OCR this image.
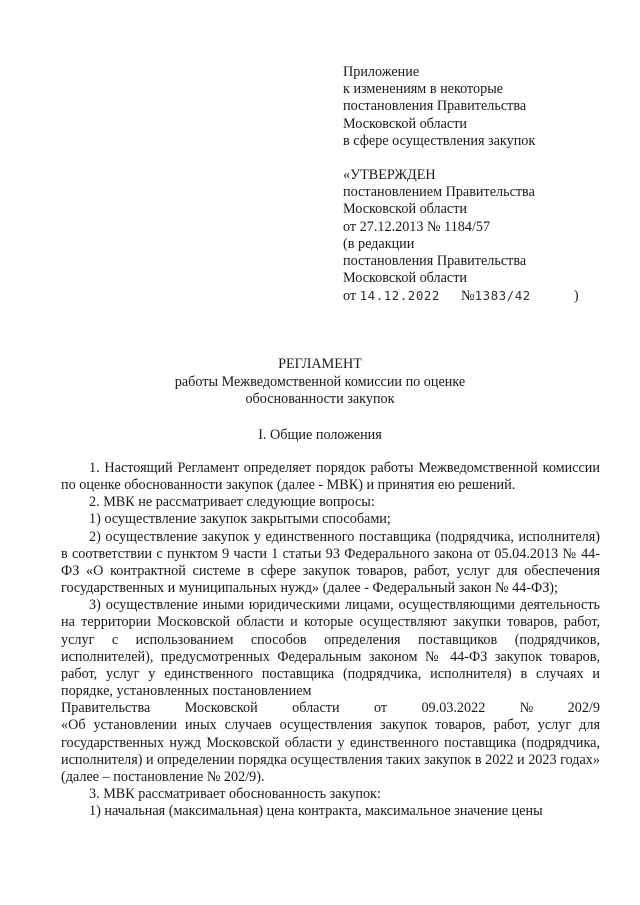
Приложение
к изменениям в некоторые
постановления Правительства
Московской области
в сфере осуществления закупок
«УТВЕРЖДЕН
постановлением Правительства
Московской области
от 27.12.2013 № 1184/57
(в редакции
постановления Правительства
Московской области
от 14.12.2022 №1383/42	)
РЕГЛАМЕНТ
работы Межведомственной комиссии по оценке
обоснованности закупок
I. Общие положения

1. Настоящий Регламент определяет порядок работы Межведомственной комиссии по оценке обоснованности закупок (далее - МВК) и принятия ею решений.

2. МВК не рассматривает следующие вопросы:

1) осуществление закупок закрытыми способами;

2) осуществление закупок у единственного поставщика (подрядчика, исполнителя) в соответствии с пунктом 9 части 1 статьи 93 Федерального закона от 05.04.2013 № 44-ФЗ «О контрактной системе в сфере закупок товаров, работ, услуг для обеспечения государственных и муниципальных нужд» (далее - Федеральный закон № 44-ФЗ);

3) осуществление иными юридическими лицами, осуществляющими деятельность на территории Московской области и которые осуществляют закупки товаров, работ, услуг с использованием способов определения поставщиков (подрядчиков, исполнителей), предусмотренных Федеральным законом № 44-ФЗ закупок товаров, работ, услуг у единственного поставщика (подрядчика, исполнителя) в случаях и порядке, установленных постановлением

Правительства Московской области от 09.03.2022 № 202/9

«Об установлении иных случаев осуществления закупок товаров, работ, услуг для государственных нужд Московской области у единственного поставщика (подрядчика, исполнителя) и определении порядка осуществления таких закупок в 2022 и 2023 годах» (далее – постановление № 202/9).

3. МВК рассматривает обоснованность закупок:

1) начальная (максимальная) цена контракта, максимальное значение цены
